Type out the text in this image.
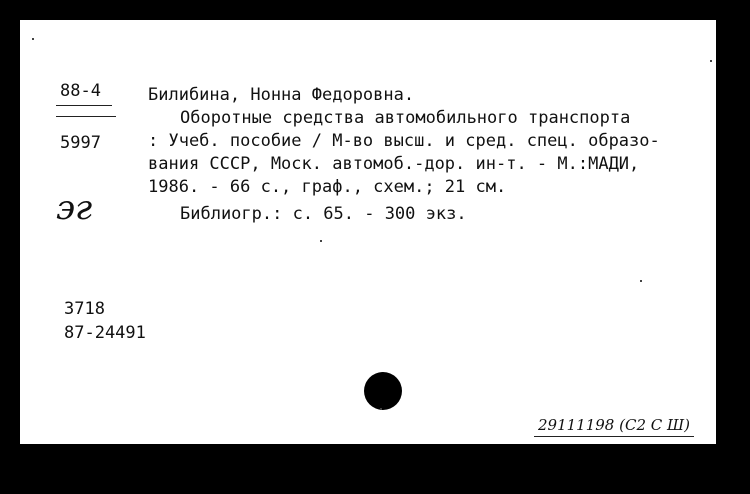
88-4
5997
эг
Билибина, Нонна Федоровна.
Оборотные средства автомобильного транспорта
: Учеб. пособие / М-во высш. и сред. спец. образо-
вания СССР, Моск. автомоб.-дор. ин-т. - М.:МАДИ,
1986. - 66 с., граф., схем.; 21 см.
Библиогр.: с. 65. - 300 экз.
3718
87-24491
29111198 (С2 С Ш)
